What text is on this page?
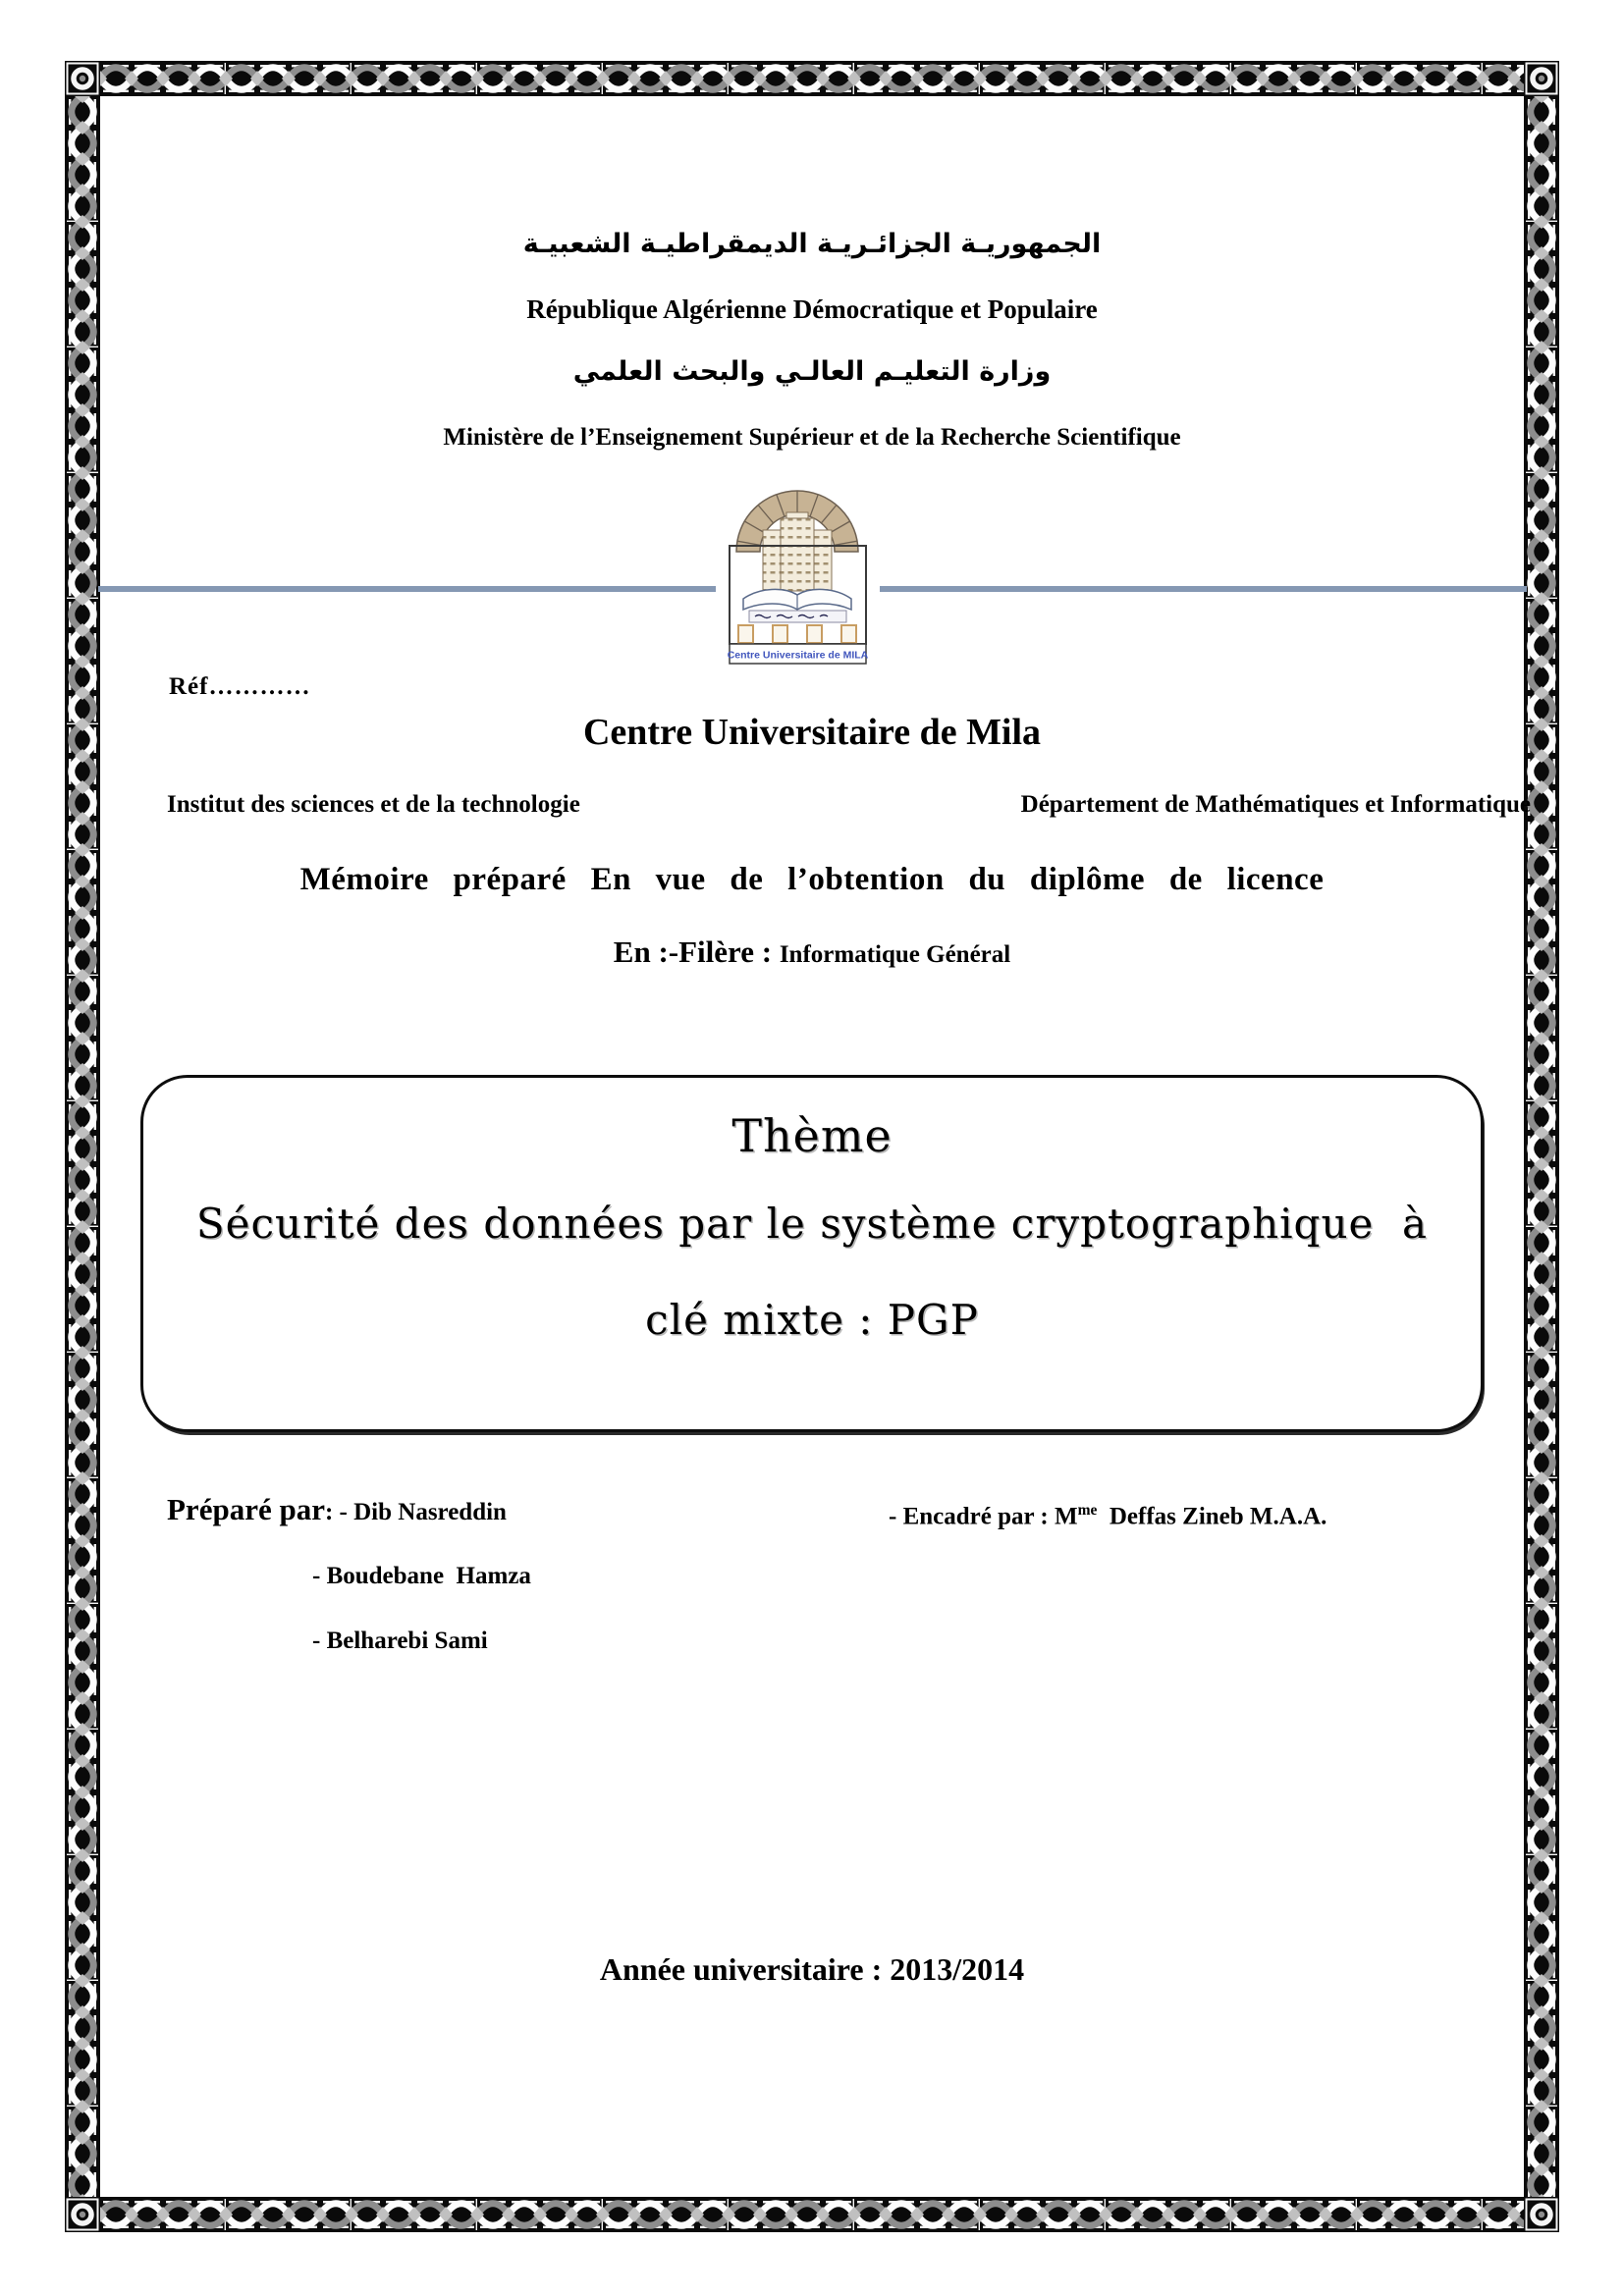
الجمهوريـة الجزائـريـة الديمقراطيـة الشعبيـة
République Algérienne Démocratique et Populaire
وزارة التعليـم العالـي والبحث العلمي
Ministère de l’Enseignement Supérieur et de la Recherche Scientifique
Centre Universitaire de MILA
Réf…………
Centre Universitaire de Mila
Institut des sciences et de la technologie	Département de Mathématiques et Informatique
Mémoire préparé En vue de l’obtention du diplôme de licence
En :-Filère : Informatique Général
Thème
Sécurité des données par le système cryptographique  à
clé mixte : PGP
Préparé par: - Dib Nasreddin	- Encadré par : $M^{me}$  Deffas Zineb M.A.A.
- Boudebane  Hamza
- Belharebi Sami
Année universitaire : 2013/2014
